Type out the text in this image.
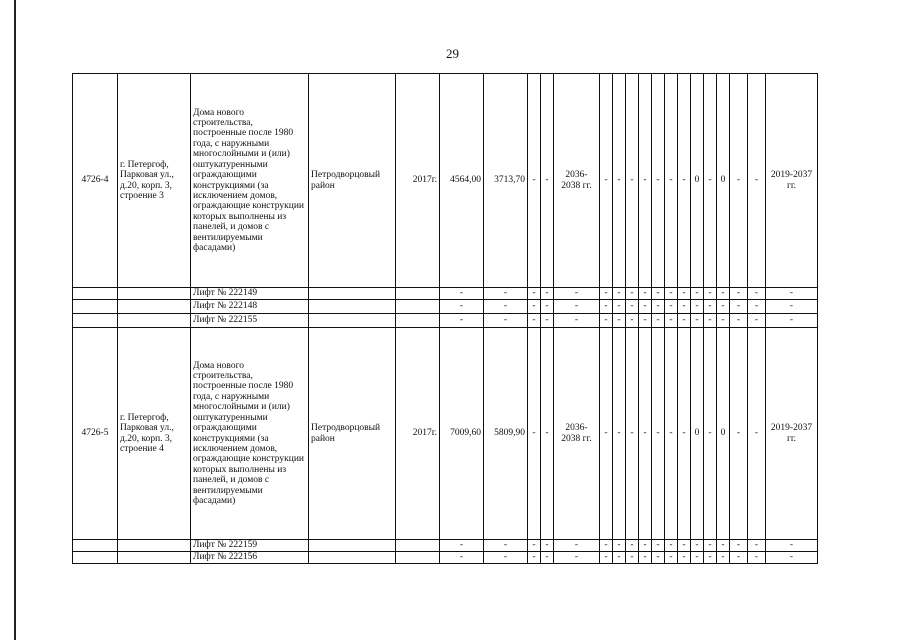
29
4726-4	г. Петергоф, Парковая ул., д.20, корп. 3, строение 3	Дома нового строительства, построенные после 1980 года, с наружными многослойными и (или) оштукатуренными ограждающими конструкциями (за исключением домов, ограждающие конструкции которых выполнены из панелей, и домов с вентилируемыми фасадами)	Петродворцовый район	2017г.	4564,00	3713,70	-	-	2036-2038 гг.	-	-	-	-	-	-	-	0	-	0	-	-	2019-2037 гг.
		Лифт № 222149			-	-	-	-	-	-	-	-	-	-	-	-	-	-	-	-	-	-
		Лифт № 222148			-	-	-	-	-	-	-	-	-	-	-	-	-	-	-	-	-	-
		Лифт № 222155			-	-	-	-	-	-	-	-	-	-	-	-	-	-	-	-	-	-
4726-5	г. Петергоф, Парковая ул., д.20, корп. 3, строение 4	Дома нового строительства, построенные после 1980 года, с наружными многослойными и (или) оштукатуренными ограждающими конструкциями (за исключением домов, ограждающие конструкции которых выполнены из панелей, и домов с вентилируемыми фасадами)	Петродворцовый район	2017г.	7009,60	5809,90	-	-	2036-2038 гг.	-	-	-	-	-	-	-	0	-	0	-	-	2019-2037 гг.
		Лифт № 222159			-	-	-	-	-	-	-	-	-	-	-	-	-	-	-	-	-	-
		Лифт № 222156			-	-	-	-	-	-	-	-	-	-	-	-	-	-	-	-	-	-
